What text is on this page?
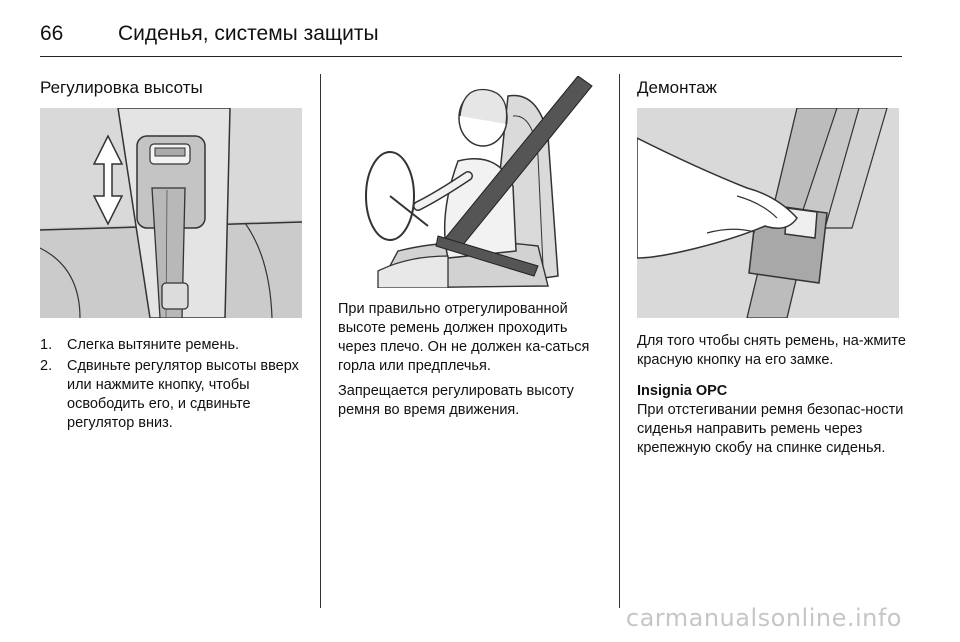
66	Сиденья, системы защиты
Регулировка высоты
1. Слегка вытяните ремень.
2. Сдвиньте регулятор высоты вверх или нажмите кнопку, чтобы освободить его, и сдвиньте регулятор вниз.

При правильно отрегулированной высоте ремень должен проходить через плечо. Он не должен ка-саться горла или предплечья.

Запрещается регулировать высоту ремня во время движения.

Демонтаж

Для того чтобы снять ремень, на-жмите красную кнопку на его замке.

Insignia OPC

При отстегивании ремня безопас-ности сиденья направить ремень через крепежную скобу на спинке сиденья.

carmanualsonline.info
